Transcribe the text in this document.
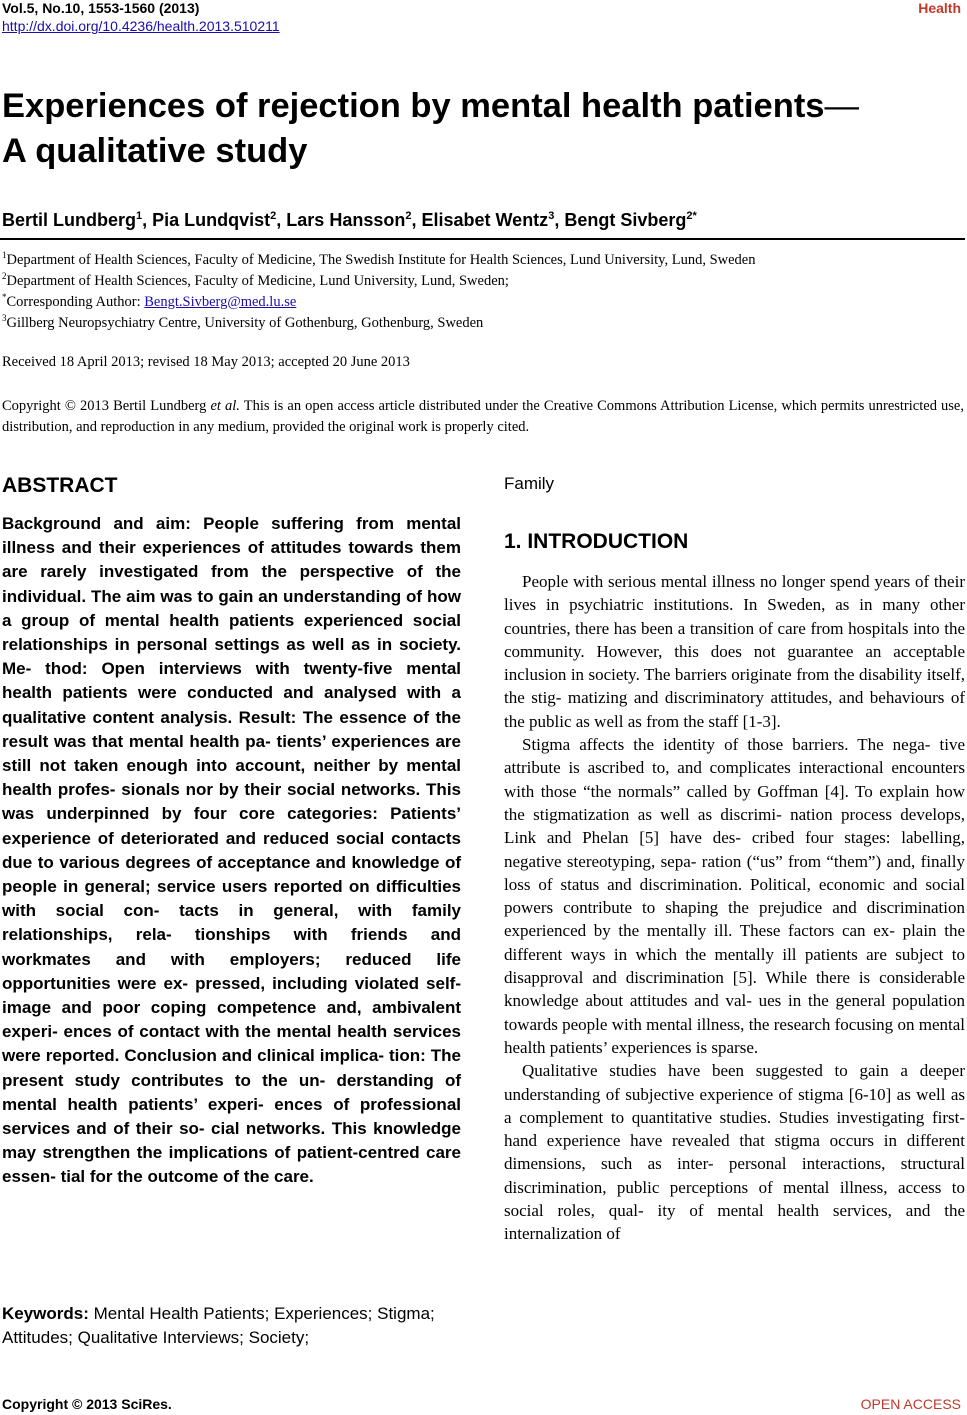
Vol.5, No.10, 1553-1560 (2013)	Health
http://dx.doi.org/10.4236/health.2013.510211
Experiences of rejection by mental health patients—
A qualitative study
Bertil Lundberg$^1$, Pia Lundqvist$^2$, Lars Hansson$^2$, Elisabet Wentz$^3$, Bengt Sivberg$^{2*}$
$^1$Department of Health Sciences, Faculty of Medicine, The Swedish Institute for Health Sciences, Lund University, Lund, Sweden
$^2$Department of Health Sciences, Faculty of Medicine, Lund University, Lund, Sweden;
*Corresponding Author: Bengt.Sivberg@med.lu.se
$^3$Gillberg Neuropsychiatry Centre, University of Gothenburg, Gothenburg, Sweden
Received 18 April 2013; revised 18 May 2013; accepted 20 June 2013
Copyright © 2013 Bertil Lundberg et al. This is an open access article distributed under the Creative Commons Attribution License, which permits unrestricted use, distribution, and reproduction in any medium, provided the original work is properly cited.
ABSTRACT

Background and aim: People suffering from mental illness and their experiences of attitudes towards them are rarely investigated from the perspective of the individual. The aim was to gain an understanding of how a group of mental health patients experienced social relationships in personal settings as well as in society. Me- thod: Open interviews with twenty-five mental health patients were conducted and analysed with a qualitative content analysis. Result: The essence of the result was that mental health pa- tients’ experiences are still not taken enough into account, neither by mental health profes- sionals nor by their social networks. This was underpinned by four core categories: Patients’ experience of deteriorated and reduced social contacts due to various degrees of acceptance and knowledge of people in general; service users reported on difficulties with social con- tacts in general, with family relationships, rela- tionships with friends and workmates and with employers; reduced life opportunities were ex- pressed, including violated self-image and poor coping competence and, ambivalent experi- ences of contact with the mental health services were reported. Conclusion and clinical implica- tion: The present study contributes to the un- derstanding of mental health patients’ experi- ences of professional services and of their so- cial networks. This knowledge may strengthen the implications of patient-centred care essen- tial for the outcome of the care.

Keywords: Mental Health Patients; Experiences; Stigma; Attitudes; Qualitative Interviews; Society;

Family
1. INTRODUCTION

People with serious mental illness no longer spend years of their lives in psychiatric institutions. In Sweden, as in many other countries, there has been a transition of care from hospitals into the community. However, this does not guarantee an acceptable inclusion in society. The barriers originate from the disability itself, the stig- matizing and discriminatory attitudes, and behaviours of the public as well as from the staff [1-3].

Stigma affects the identity of those barriers. The nega- tive attribute is ascribed to, and complicates interactional encounters with those “the normals” called by Goffman [4]. To explain how the stigmatization as well as discrimi- nation process develops, Link and Phelan [5] have des- cribed four stages: labelling, negative stereotyping, sepa- ration (“us” from “them”) and, finally loss of status and discrimination. Political, economic and social powers contribute to shaping the prejudice and discrimination experienced by the mentally ill. These factors can ex- plain the different ways in which the mentally ill patients are subject to disapproval and discrimination [5]. While there is considerable knowledge about attitudes and val- ues in the general population towards people with mental illness, the research focusing on mental health patients’ experiences is sparse.

Qualitative studies have been suggested to gain a deeper understanding of subjective experience of stigma [6-10] as well as a complement to quantitative studies. Studies investigating first-hand experience have revealed that stigma occurs in different dimensions, such as inter- personal interactions, structural discrimination, public perceptions of mental illness, access to social roles, qual- ity of mental health services, and the internalization of

Copyright © 2013 SciRes.	OPEN ACCESS
